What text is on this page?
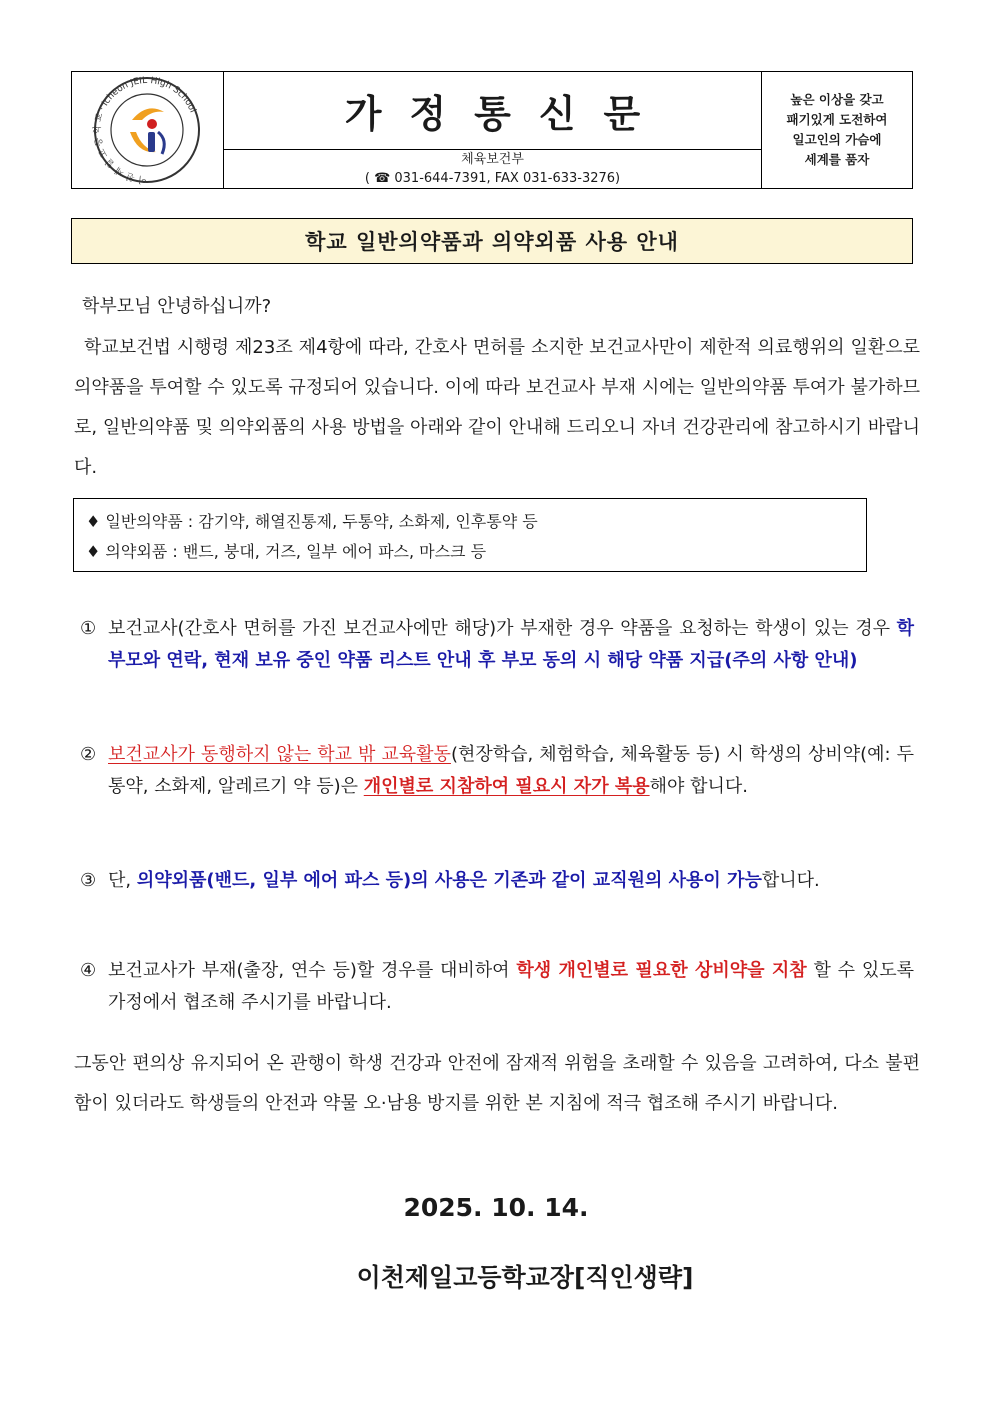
이 천 제 일 고 등 학 교 · Icheon JEIL High School	가정통신문
체육보건부
( ☎ 031-644-7391, FAX 031-633-3276)
높은 이상을 갖고
패기있게 도전하여
일고인의 가슴에
세계를 품자
학교 일반의약품과 의약외품 사용 안내
학부모님 안녕하십니까?
학교보건법 시행령 제23조 제4항에 따라, 간호사 면허를 소지한 보건교사만이 제한적 의료행위의 일환으로 의약품을 투여할 수 있도록 규정되어 있습니다. 이에 따라 보건교사 부재 시에는 일반의약품 투여가 불가하므로, 일반의약품 및 의약외품의 사용 방법을 아래와 같이 안내해 드리오니 자녀 건강관리에 참고하시기 바랍니다.
♦ 일반의약품 : 감기약, 해열진통제, 두통약, 소화제, 인후통약 등
♦ 의약외품 : 밴드, 붕대, 거즈, 일부 에어 파스, 마스크 등
① 보건교사(간호사 면허를 가진 보건교사에만 해당)가 부재한 경우 약품을 요청하는 학생이 있는 경우 학부모와 연락, 현재 보유 중인 약품 리스트 안내 후 부모 동의 시 해당 약품 지급(주의 사항 안내)
② 보건교사가 동행하지 않는 학교 밖 교육활동(현장학습, 체험학습, 체육활동 등) 시 학생의 상비약(예: 두통약, 소화제, 알레르기 약 등)은 개인별로 지참하여 필요시 자가 복용해야 합니다.
③ 단, 의약외품(밴드, 일부 에어 파스 등)의 사용은 기존과 같이 교직원의 사용이 가능합니다.
④ 보건교사가 부재(출장, 연수 등)할 경우를 대비하여 학생 개인별로 필요한 상비약을 지참 할 수 있도록 가정에서 협조해 주시기를 바랍니다.
그동안 편의상 유지되어 온 관행이 학생 건강과 안전에 잠재적 위험을 초래할 수 있음을 고려하여, 다소 불편함이 있더라도 학생들의 안전과 약물 오·남용 방지를 위한 본 지침에 적극 협조해 주시기 바랍니다.
2025. 10. 14.
이천제일고등학교장[직인생략]
